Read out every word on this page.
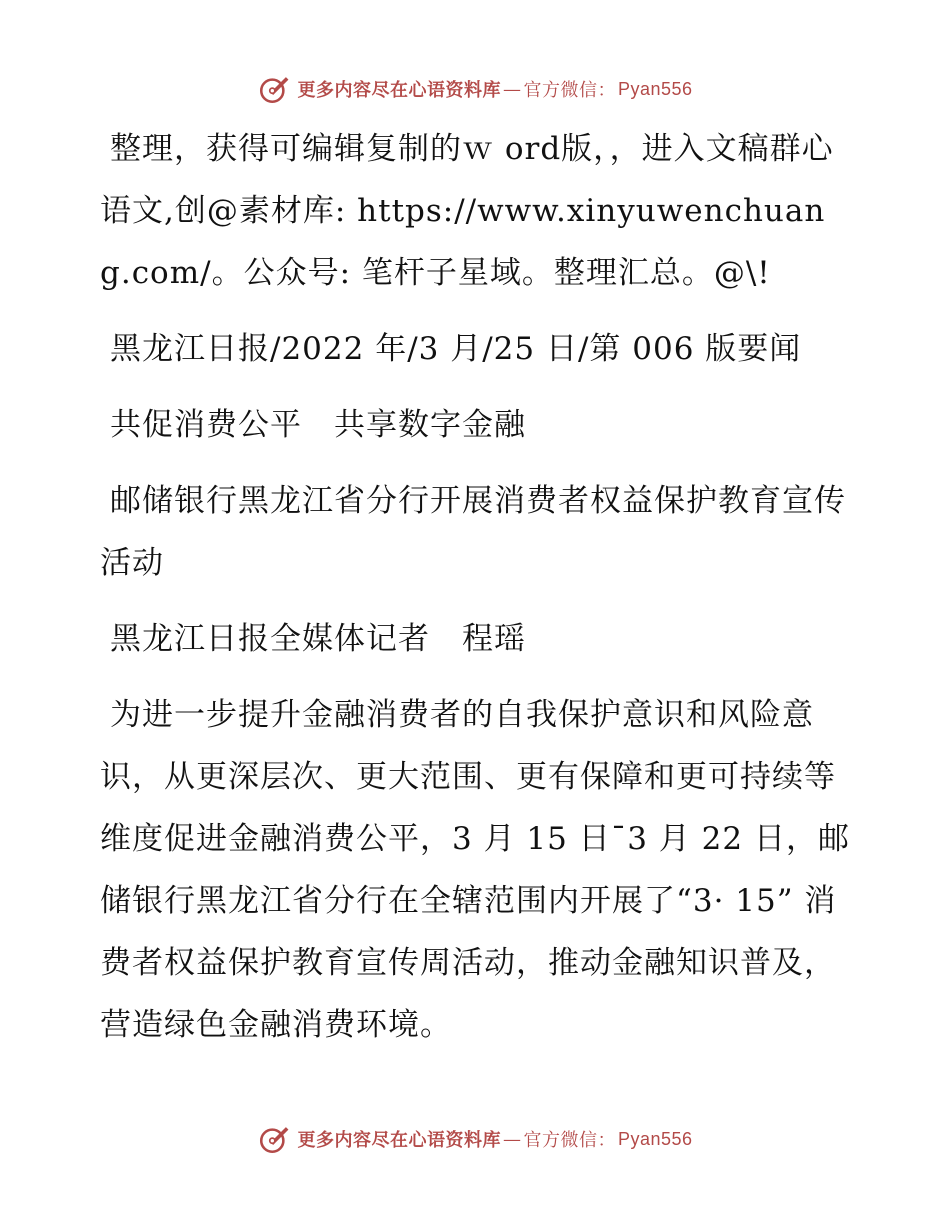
更多内容尽在心语资料库 — 官方微信： Pyan556

整理，获得可编辑复制的ｗ ord版，，进入文稿群心语文,创@素材库: https://www.xinyuwenchuang.com/。公众号: 笔杆子星域。整理汇总。@\!

黑龙江日报/2022 年/3 月/25 日/第 006 版要闻

共促消费公平　共享数字金融

邮储银行黑龙江省分行开展消费者权益保护教育宣传活动

黑龙江日报全媒体记者　程瑶

为进一步提升金融消费者的自我保护意识和风险意识，从更深层次、更大范围、更有保障和更可持续等维度促进金融消费公平，3 月 15 日¯3 月 22 日，邮储银行黑龙江省分行在全辖范围内开展了“3· 15” 消费者权益保护教育宣传周活动，推动金融知识普及，营造绿色金融消费环境。

更多内容尽在心语资料库 — 官方微信： Pyan556
